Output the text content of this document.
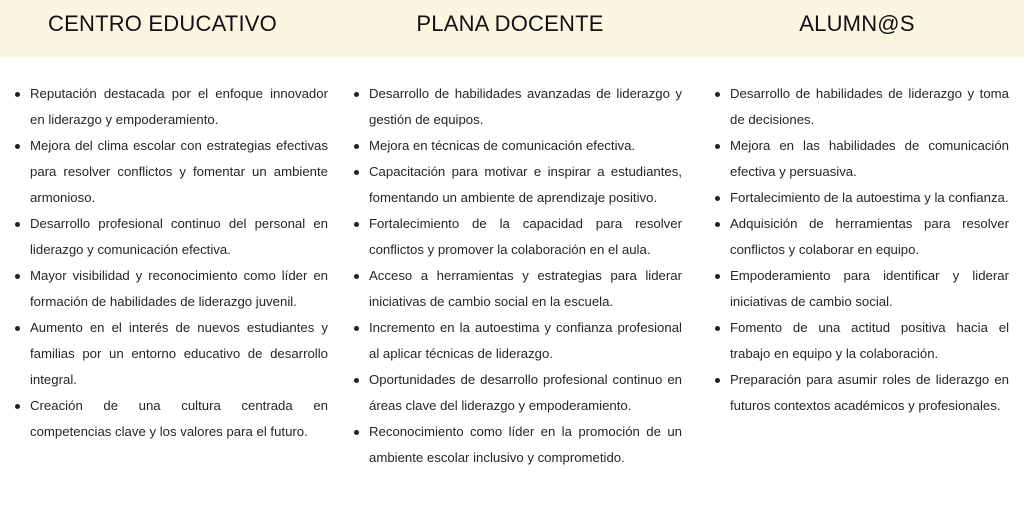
CENTRO EDUCATIVO	PLANA DOCENTE	ALUMN@S
Reputación destacada por el enfoque innovador en liderazgo y empoderamiento.
Mejora del clima escolar con estrategias efectivas para resolver conflictos y fomentar un ambiente armonioso.
Desarrollo profesional continuo del personal en liderazgo y comunicación efectiva.
Mayor visibilidad y reconocimiento como líder en formación de habilidades de liderazgo juvenil.
Aumento en el interés de nuevos estudiantes y familias por un entorno educativo de desarrollo integral.
Creación de una cultura centrada en competencias clave y los valores para el futuro.
Desarrollo de habilidades avanzadas de liderazgo y gestión de equipos.
Mejora en técnicas de comunicación efectiva.
Capacitación para motivar e inspirar a estudiantes, fomentando un ambiente de aprendizaje positivo.
Fortalecimiento de la capacidad para resolver conflictos y promover la colaboración en el aula.
Acceso a herramientas y estrategias para liderar iniciativas de cambio social en la escuela.
Incremento en la autoestima y confianza profesional al aplicar técnicas de liderazgo.
Oportunidades de desarrollo profesional continuo en áreas clave del liderazgo y empoderamiento.
Reconocimiento como líder en la promoción de un ambiente escolar inclusivo y comprometido.
Desarrollo de habilidades de liderazgo y toma de decisiones.
Mejora en las habilidades de comunicación efectiva y persuasiva.
Fortalecimiento de la autoestima y la confianza.
Adquisición de herramientas para resolver conflictos y colaborar en equipo.
Empoderamiento para identificar y liderar iniciativas de cambio social.
Fomento de una actitud positiva hacia el trabajo en equipo y la colaboración.
Preparación para asumir roles de liderazgo en futuros contextos académicos y profesionales.
